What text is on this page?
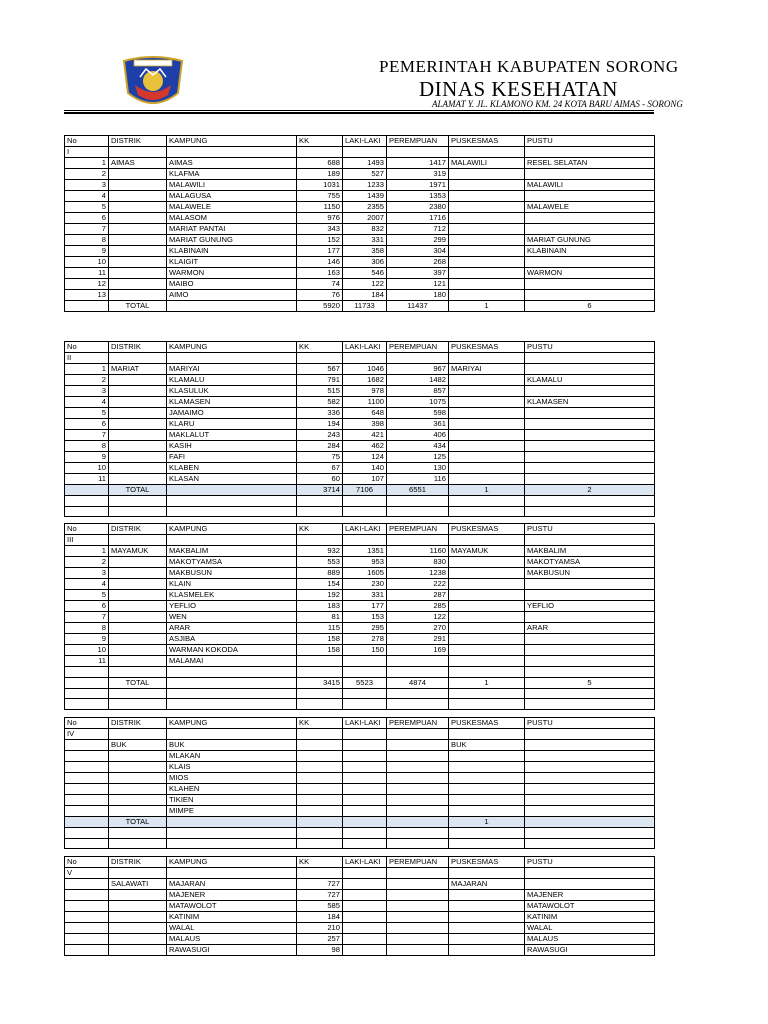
PEMERINTAH KABUPATEN SORONG
DINAS KESEHATAN
ALAMAT Y. JL. KLAMONO KM. 24 KOTA BARU AIMAS - SORONG
No	DISTRIK	KAMPUNG	KK	LAKI-LAKI	PEREMPUAN	PUSKESMAS	PUSTU
I							
1	AIMAS	AIMAS	688	1493	1417	MALAWILI	RESEL SELATAN
2		KLAFMA	189	527	319		
3		MALAWILI	1031	1233	1971		MALAWILI
4		MALAGUSA	755	1439	1353		
5		MALAWELE	1150	2355	2380		MALAWELE
6		MALASOM	976	2007	1716		
7		MARIAT PANTAI	343	832	712		
8		MARIAT GUNUNG	152	331	299		MARIAT GUNUNG
9		KLABINAIN	177	358	304		KLABINAIN
10		KLAIGIT	146	306	268		
11		WARMON	163	546	397		WARMON
12		MAIBO	74	122	121		
13		AIMO	76	184	180		
	TOTAL		5920	11733	11437	1	6
No	DISTRIK	KAMPUNG	KK	LAKI-LAKI	PEREMPUAN	PUSKESMAS	PUSTU
II							
1	MARIAT	MARIYAI	567	1046	967	MARIYAI	
2		KLAMALU	791	1682	1482		KLAMALU
3		KLASULUK	515	978	857		
4		KLAMASEN	582	1100	1075		KLAMASEN
5		JAMAIMO	336	648	598		
6		KLARU	194	398	361		
7		MAKLALUT	243	421	406		
8		KASIH	284	462	434		
9		FAFI	75	124	125		
10		KLABEN	67	140	130		
11		KLASAN	60	107	116		
	TOTAL		3714	7106	6551	1	2

No	DISTRIK	KAMPUNG	KK	LAKI-LAKI	PEREMPUAN	PUSKESMAS	PUSTU
III							
1	MAYAMUK	MAKBALIM	932	1351	1160	MAYAMUK	MAKBALIM
2		MAKOTYAMSA	553	953	830		MAKOTYAMSA
3		MAKBUSUN	889	1605	1238		MAKBUSUN
4		KLAIN	154	230	222		
5		KLASMELEK	192	331	287		
6		YEFLIO	183	177	285		YEFLIO
7		WEN	81	153	122		
8		ARAR	115	295	270		ARAR
9		ASJIBA	158	278	291		
10		WARMAN KOKODA	158	150	169		
11		MALAMAI					

	TOTAL		3415	5523	4874	1	5

No	DISTRIK	KAMPUNG	KK	LAKI-LAKI	PEREMPUAN	PUSKESMAS	PUSTU
IV							
	BUK	BUK				BUK	
		MLAKAN					
		KLAIS					
		MIOS					
		KLAHEN					
		TIKIEN					
		MIMPE					
	TOTAL					1	

No	DISTRIK	KAMPUNG	KK	LAKI-LAKI	PEREMPUAN	PUSKESMAS	PUSTU
V							
	SALAWATI	MAJARAN	727			MAJARAN	
		MAJENER	727				MAJENER
		MATAWOLOT	585				MATAWOLOT
		KATINIM	184				KATINIM
		WALAL	210				WALAL
		MALAUS	257				MALAUS
		RAWASUGI	98				RAWASUGI
